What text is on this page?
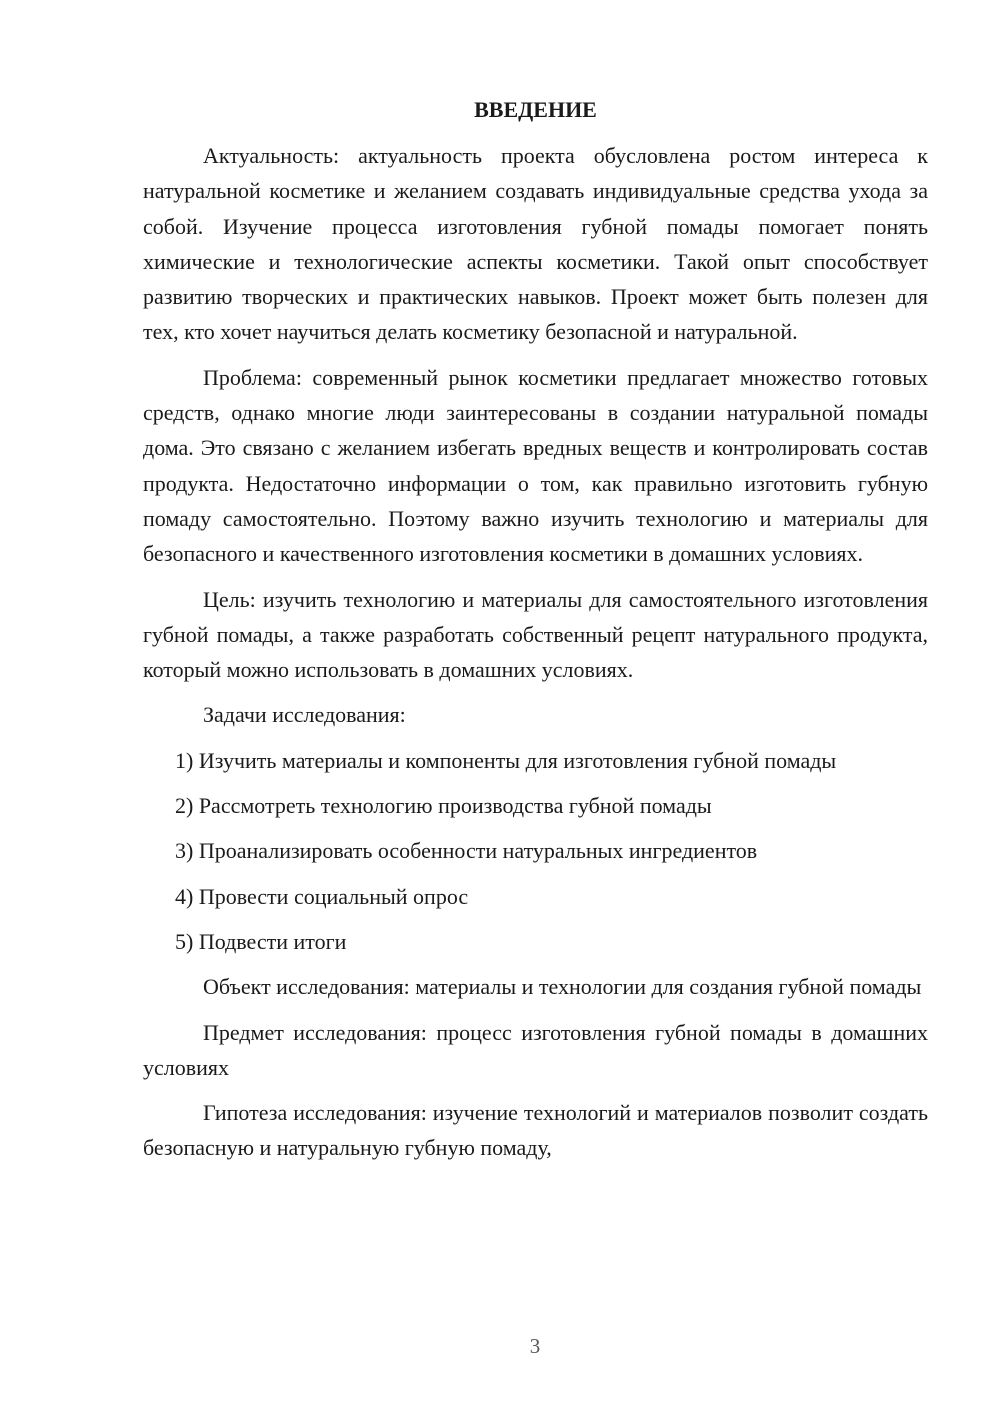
ВВЕДЕНИЕ

Актуальность: актуальность проекта обусловлена ростом интереса к натуральной косметике и желанием создавать индивидуальные средства ухода за собой. Изучение процесса изготовления губной помады помогает понять химические и технологические аспекты косметики. Такой опыт способствует развитию творческих и практических навыков. Проект может быть полезен для тех, кто хочет научиться делать косметику безопасной и натуральной.

Проблема: современный рынок косметики предлагает множество готовых средств, однако многие люди заинтересованы в создании натуральной помады дома. Это связано с желанием избегать вредных веществ и контролировать состав продукта. Недостаточно информации о том, как правильно изготовить губную помаду самостоятельно. Поэтому важно изучить технологию и материалы для безопасного и качественного изготовления косметики в домашних условиях.

Цель: изучить технологию и материалы для самостоятельного изготовления губной помады, а также разработать собственный рецепт натурального продукта, который можно использовать в домашних условиях.

Задачи исследования:

1) Изучить материалы и компоненты для изготовления губной помады
2) Рассмотреть технологию производства губной помады
3) Проанализировать особенности натуральных ингредиентов
4) Провести социальный опрос
5) Подвести итоги

Объект исследования: материалы и технологии для создания губной помады

Предмет исследования: процесс изготовления губной помады в домашних условиях

Гипотеза исследования: изучение технологий и материалов позволит создать безопасную и натуральную губную помаду,

3
